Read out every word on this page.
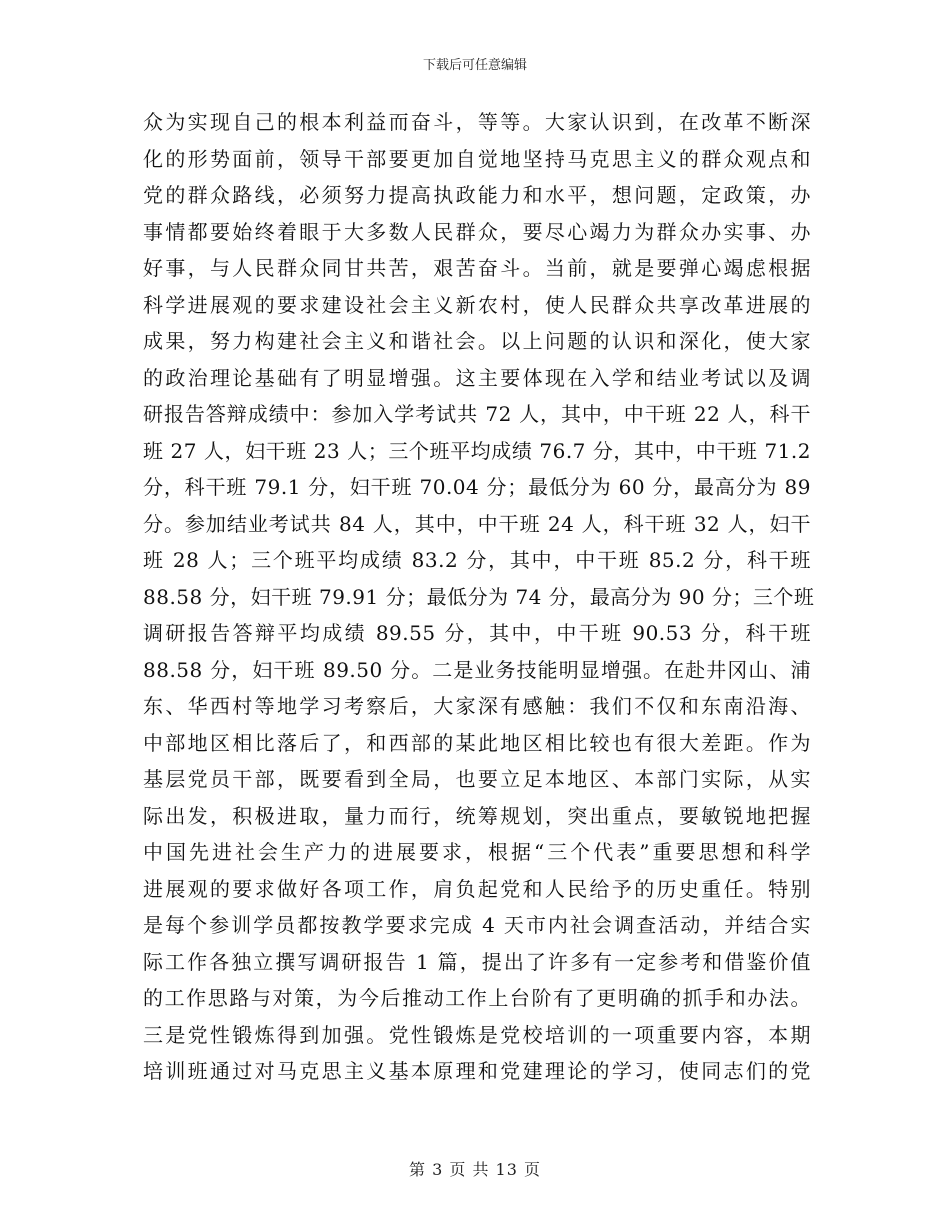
下载后可任意编辑
众为实现自己的根本利益而奋斗，等等。大家认识到，在改革不断深
化的形势面前，领导干部要更加自觉地坚持马克思主义的群众观点和
党的群众路线，必须努力提高执政能力和水平，想问题，定政策，办
事情都要始终着眼于大多数人民群众，要尽心竭力为群众办实事、办
好事，与人民群众同甘共苦，艰苦奋斗。当前，就是要弹心竭虑根据
科学进展观的要求建设社会主义新农村，使人民群众共享改革进展的
成果，努力构建社会主义和谐社会。以上问题的认识和深化，使大家
的政治理论基础有了明显增强。这主要体现在入学和结业考试以及调
研报告答辩成绩中：参加入学考试共 72 人，其中，中干班 22 人，科干
班 27 人，妇干班 23 人；三个班平均成绩 76.7 分，其中，中干班 71.2
分，科干班 79.1 分，妇干班 70.04 分；最低分为 60 分，最高分为 89
分。参加结业考试共 84 人，其中，中干班 24 人，科干班 32 人，妇干
班 28 人；三个班平均成绩 83.2 分，其中，中干班 85.2 分，科干班
88.58 分，妇干班 79.91 分；最低分为 74 分，最高分为 90 分；三个班
调研报告答辩平均成绩 89.55 分，其中，中干班 90.53 分，科干班
88.58 分，妇干班 89.50 分。二是业务技能明显增强。在赴井冈山、浦
东、华西村等地学习考察后，大家深有感触：我们不仅和东南沿海、
中部地区相比落后了，和西部的某此地区相比较也有很大差距。作为
基层党员干部，既要看到全局，也要立足本地区、本部门实际，从实
际出发，积极进取，量力而行，统筹规划，突出重点，要敏锐地把握
中国先进社会生产力的进展要求，根据“三个代表”重要思想和科学
进展观的要求做好各项工作，肩负起党和人民给予的历史重任。特别
是每个参训学员都按教学要求完成 4 天市内社会调查活动，并结合实
际工作各独立撰写调研报告 1 篇，提出了许多有一定参考和借鉴价值
的工作思路与对策，为今后推动工作上台阶有了更明确的抓手和办法。
三是党性锻炼得到加强。党性锻炼是党校培训的一项重要内容，本期
培训班通过对马克思主义基本原理和党建理论的学习，使同志们的党
第 3 页 共 13 页
